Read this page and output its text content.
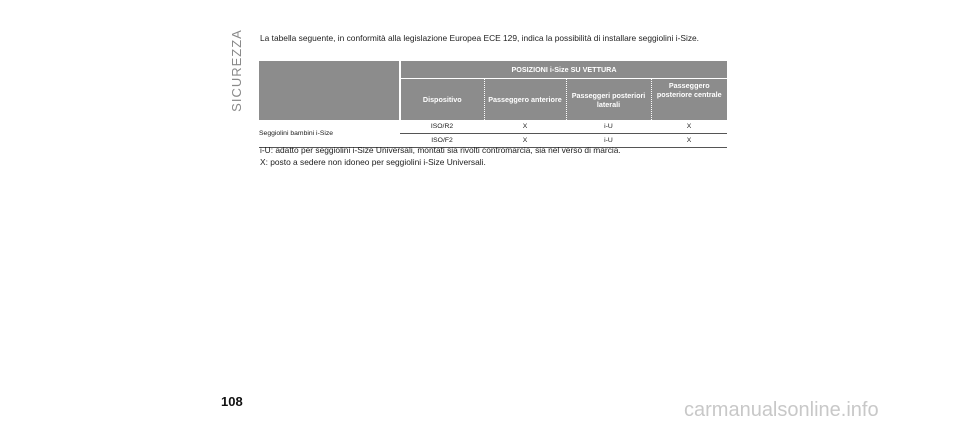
SICUREZZA La tabella seguente, in conformità alla legislazione Europea ECE 129, indica la possibilità di installare seggiolini i-Size.
	POSIZIONI i-Size SU VETTURA			
	Dispositivo	Passeggero anteriore	Passeggeri posteriori laterali	Passeggero posteriore centrale
Seggiolini bambini i-Size	ISO/R2	X	i-U	X
	ISO/F2	X	i-U	X

i-U: adatto per seggiolini i-Size Universali, montati sia rivolti contromarcia, sia nel verso di marcia.

X: posto a sedere non idoneo per seggiolini i-Size Universali.

108	carmanualsonline.info
